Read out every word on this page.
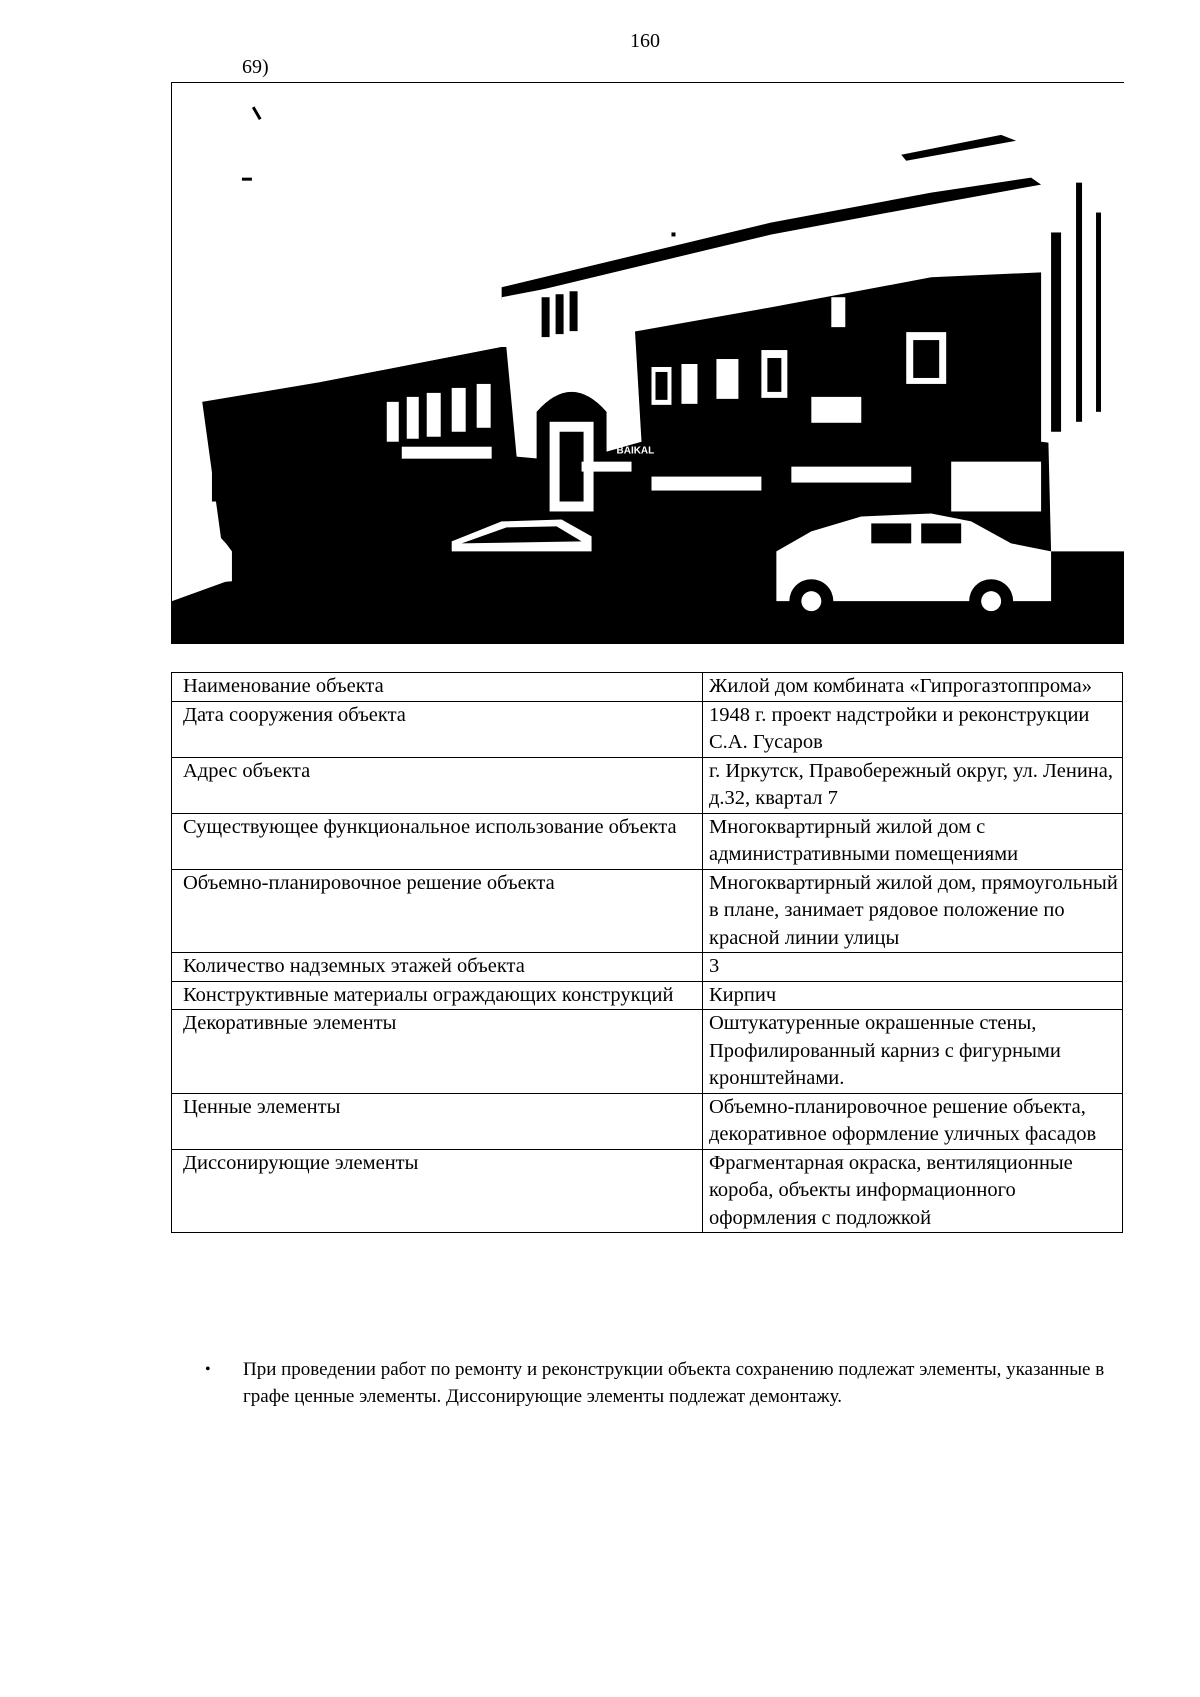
160
69)
BAIKAL
Наименование объекта	Жилой дом комбината «Гипрогазтоппрома»
Дата сооружения объекта	1948 г. проект надстройки и реконструкции С.А. Гусаров
Адрес объекта	г. Иркутск, Правобережный округ, ул. Ленина, д.32, квартал 7
Существующее функциональное использование объекта	Многоквартирный жилой дом с административными помещениями
Объемно-планировочное решение объекта	Многоквартирный жилой дом, прямоугольный в плане, занимает рядовое положение по красной линии улицы
Количество надземных этажей объекта	3
Конструктивные материалы ограждающих конструкций	Кирпич
Декоративные элементы	Оштукатуренные окрашенные стены, Профилированный карниз с фигурными кронштейнами.
Ценные элементы	Объемно-планировочное решение объекта, декоративное оформление уличных фасадов
Диссонирующие элементы	Фрагментарная окраска, вентиляционные короба, объекты информационного оформления с подложкой
• При проведении работ по ремонту и реконструкции объекта сохранению подлежат элементы, указанные в графе ценные элементы. Диссонирующие элементы подлежат демонтажу.
